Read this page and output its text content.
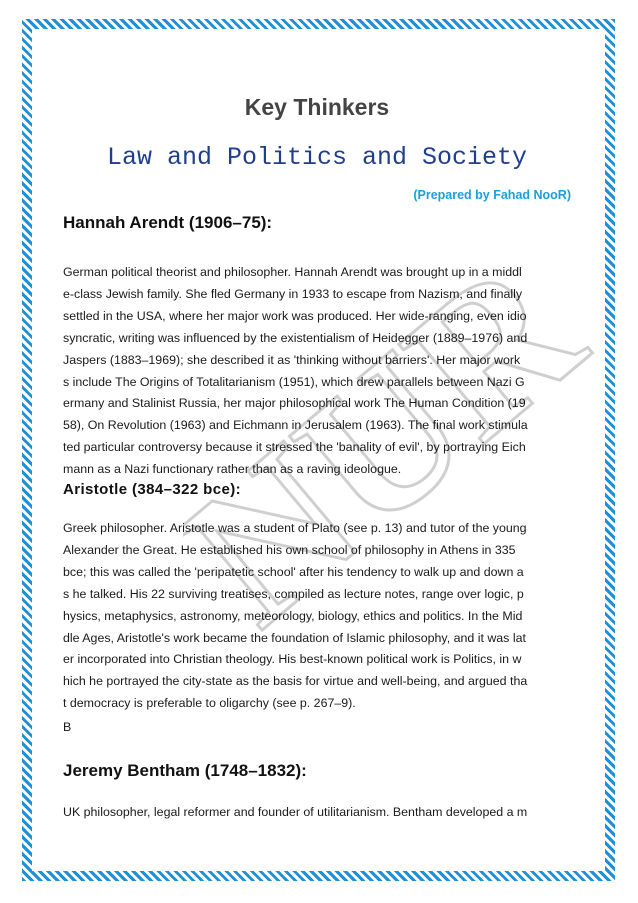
NUR
Key Thinkers
Law and Politics and Society
(Prepared by Fahad NooR)
Hannah Arendt (1906–75):

German political theorist and philosopher. Hannah Arendt was brought up in a middl
e-class Jewish family. She fled Germany in 1933 to escape from Nazism, and finally
settled in the USA, where her major work was produced. Her wide-ranging, even idio
syncratic, writing was influenced by the existentialism of Heidegger (1889–1976) and
Jaspers (1883–1969); she described it as 'thinking without barriers'. Her major work
s include The Origins of Totalitarianism (1951), which drew parallels between Nazi G
ermany and Stalinist Russia, her major philosophical work The Human Condition (19
58), On Revolution (1963) and Eichmann in Jerusalem (1963). The final work stimula
ted particular controversy because it stressed the 'banality of evil', by portraying Eich
mann as a Nazi functionary rather than as a raving ideologue.

Aristotle (384–322 bce):

Greek philosopher. Aristotle was a student of Plato (see p. 13) and tutor of the young
Alexander the Great. He established his own school of philosophy in Athens in 335
bce; this was called the 'peripatetic school' after his tendency to walk up and down a
s he talked. His 22 surviving treatises, compiled as lecture notes, range over logic, p
hysics, metaphysics, astronomy, meteorology, biology, ethics and politics. In the Mid
dle Ages, Aristotle's work became the foundation of Islamic philosophy, and it was lat
er incorporated into Christian theology. His best-known political work is Politics, in w
hich he portrayed the city-state as the basis for virtue and well-being, and argued tha
t democracy is preferable to oligarchy (see p. 267–9).

B
Jeremy Bentham (1748–1832):

UK philosopher, legal reformer and founder of utilitarianism. Bentham developed a m
